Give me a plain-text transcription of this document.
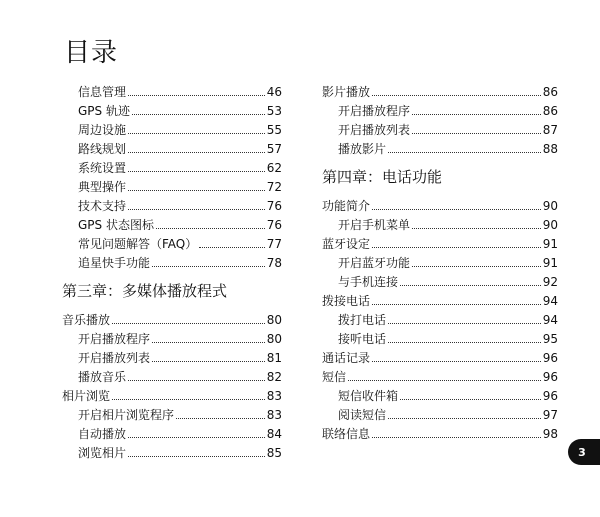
目录
信息管理	46
GPS 轨迹	53
周边设施	55
路线规划	57
系统设置	62
典型操作	72
技术支持	76
GPS 状态图标	76
常见问题解答（FAQ）	77
追星快手功能	78
第三章：多媒体播放程式
音乐播放	80
开启播放程序	80
开启播放列表	81
播放音乐	82
相片浏览	83
开启相片浏览程序	83
自动播放	84
浏览相片	85
影片播放	86
开启播放程序	86
开启播放列表	87
播放影片	88
第四章：电话功能
功能简介	90
开启手机菜单	90
蓝牙设定	91
开启蓝牙功能	91
与手机连接	92
拨接电话	94
拨打电话	94
接听电话	95
通话记录	96
短信	96
短信收件箱	96
阅读短信	97
联络信息	98
3
